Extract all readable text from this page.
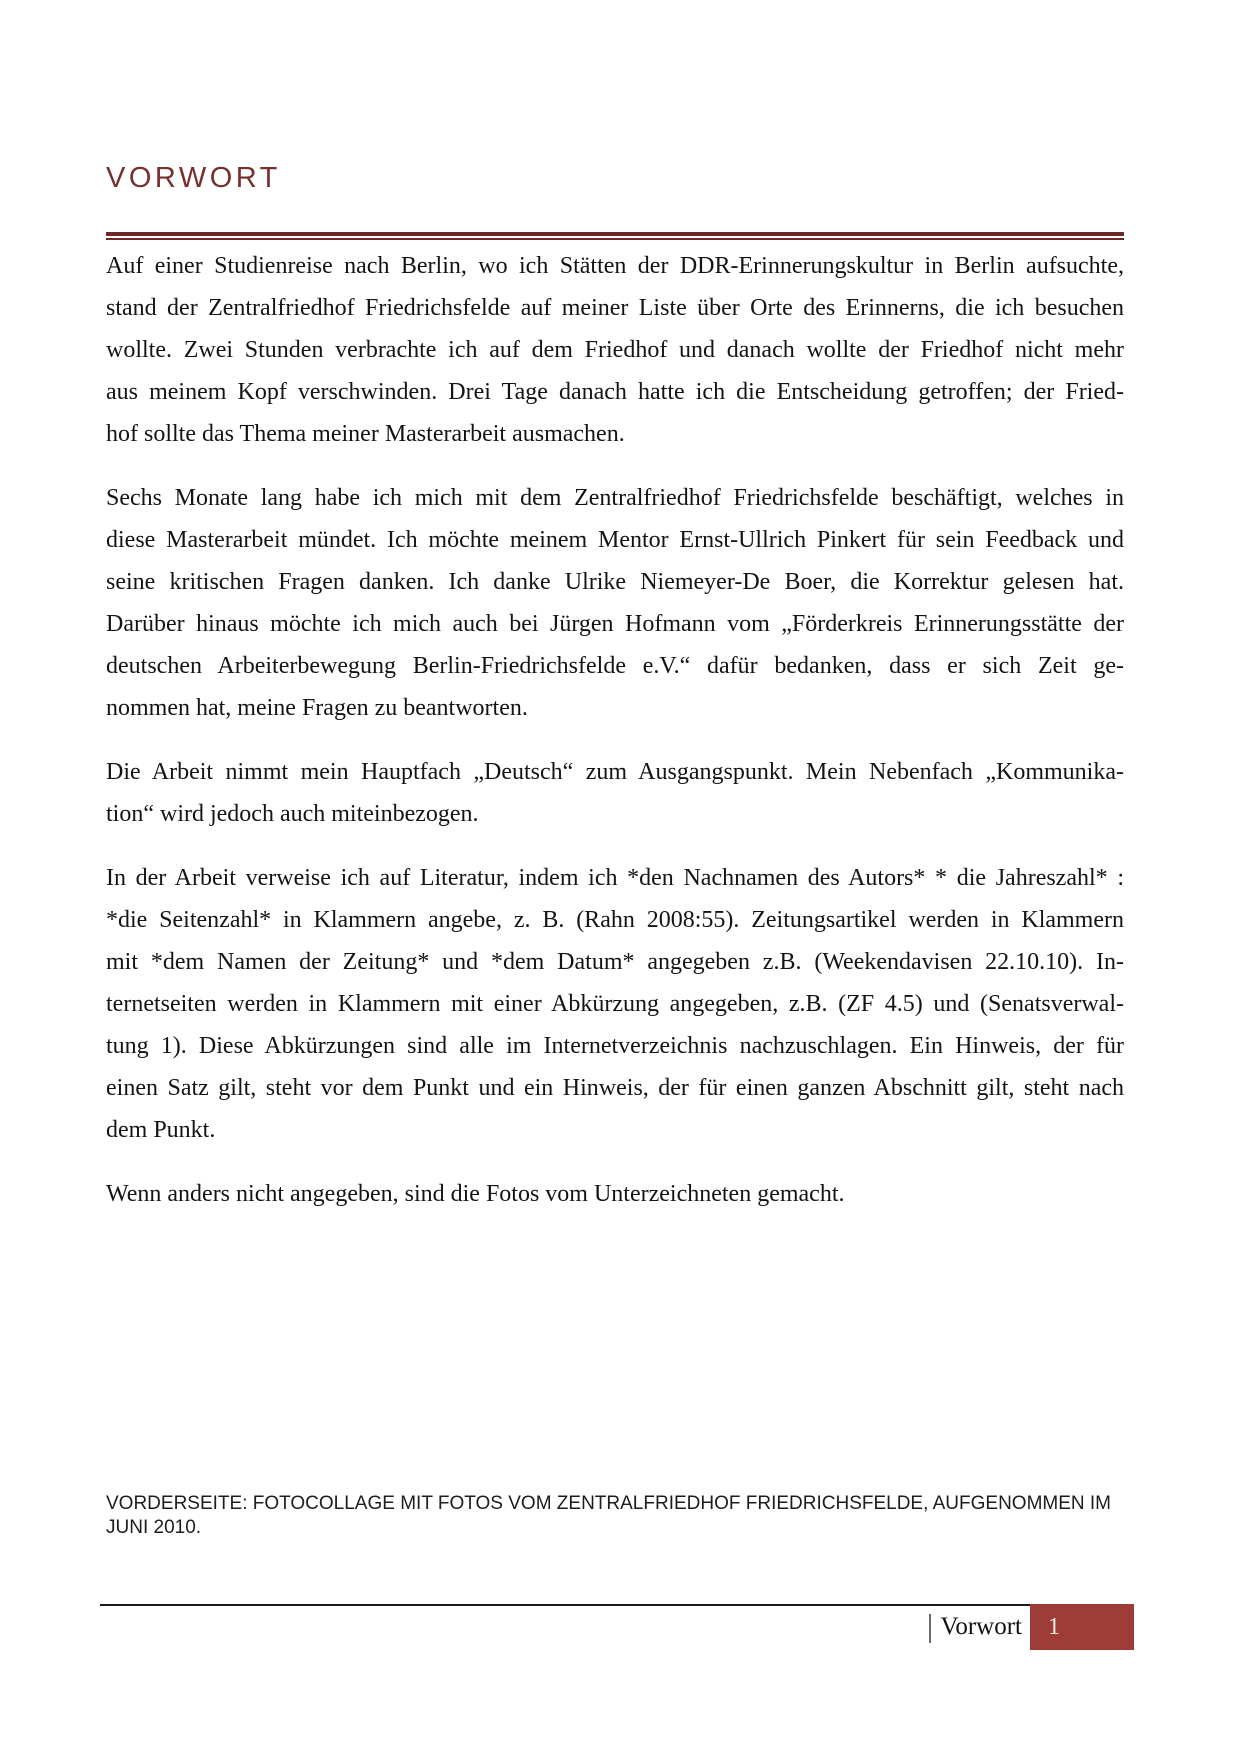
VORWORT
Auf einer Studienreise nach Berlin, wo ich Stätten der DDR-Erinnerungskultur in Berlin aufsuchte,
stand der Zentralfriedhof Friedrichsfelde auf meiner Liste über Orte des Erinnerns, die ich besuchen
wollte. Zwei Stunden verbrachte ich auf dem Friedhof und danach wollte der Friedhof nicht mehr
aus meinem Kopf verschwinden. Drei Tage danach hatte ich die Entscheidung getroffen; der Fried-
hof sollte das Thema meiner Masterarbeit ausmachen.
Sechs Monate lang habe ich mich mit dem Zentralfriedhof Friedrichsfelde beschäftigt, welches in
diese Masterarbeit mündet. Ich möchte meinem Mentor Ernst-Ullrich Pinkert für sein Feedback und
seine kritischen Fragen danken. Ich danke Ulrike Niemeyer-De Boer, die Korrektur gelesen hat.
Darüber hinaus möchte ich mich auch bei Jürgen Hofmann vom „Förderkreis Erinnerungsstätte der
deutschen Arbeiterbewegung Berlin-Friedrichsfelde e.V.“ dafür bedanken, dass er sich Zeit ge-
nommen hat, meine Fragen zu beantworten.
Die Arbeit nimmt mein Hauptfach „Deutsch“ zum Ausgangspunkt. Mein Nebenfach „Kommunika-
tion“ wird jedoch auch miteinbezogen.
In der Arbeit verweise ich auf Literatur, indem ich *den Nachnamen des Autors* * die Jahreszahl* :
*die Seitenzahl* in Klammern angebe, z. B. (Rahn 2008:55). Zeitungsartikel werden in Klammern
mit *dem Namen der Zeitung* und *dem Datum* angegeben z.B. (Weekendavisen 22.10.10). In-
ternetseiten werden in Klammern mit einer Abkürzung angegeben, z.B. (ZF 4.5) und (Senatsverwal-
tung 1). Diese Abkürzungen sind alle im Internetverzeichnis nachzuschlagen. Ein Hinweis, der für
einen Satz gilt, steht vor dem Punkt und ein Hinweis, der für einen ganzen Abschnitt gilt, steht nach
dem Punkt.
Wenn anders nicht angegeben, sind die Fotos vom Unterzeichneten gemacht.
VORDERSEITE: FOTOCOLLAGE MIT FOTOS VOM ZENTRALFRIEDHOF FRIEDRICHSFELDE, AUFGENOMMEN IM JUNI 2010.
| Vorwort	1
